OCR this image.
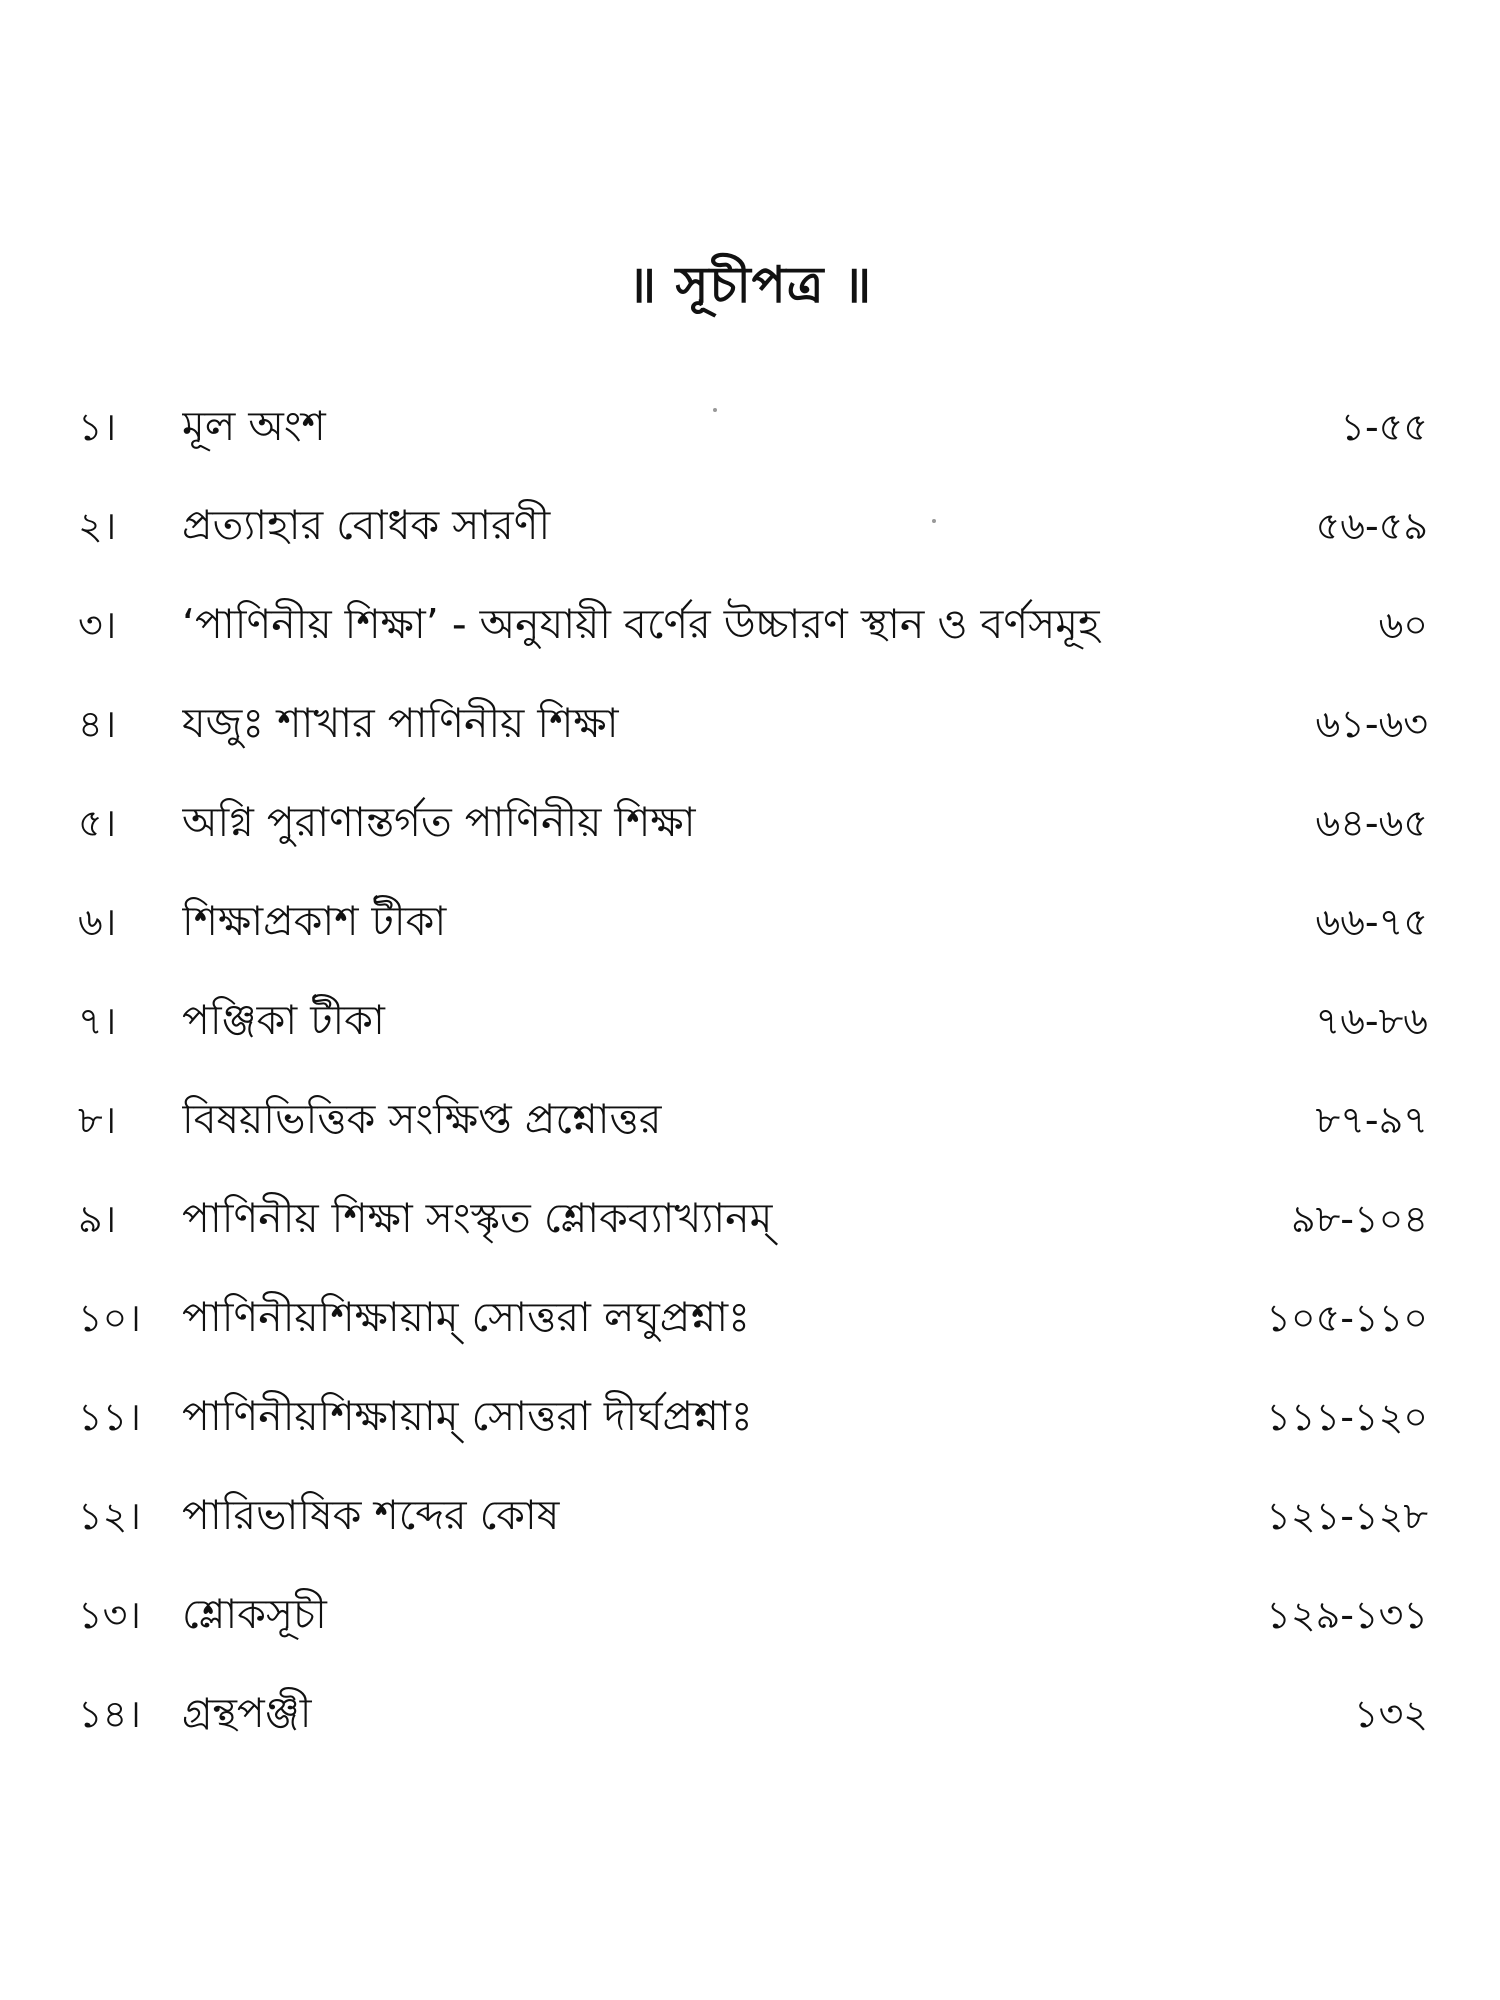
॥ সূচীপত্র ॥
১।	মূল অংশ	১-৫৫
২।	প্রত্যাহার বোধক সারণী	৫৬-৫৯
৩।	‘পাণিনীয় শিক্ষা’ - অনুযায়ী বর্ণের উচ্চারণ স্থান ও বর্ণসমূহ	৬০
৪।	যজুঃ শাখার পাণিনীয় শিক্ষা	৬১-৬৩
৫।	অগ্নি পুরাণান্তর্গত পাণিনীয় শিক্ষা	৬৪-৬৫
৬।	শিক্ষাপ্রকাশ টীকা	৬৬-৭৫
৭।	পঞ্জিকা টীকা	৭৬-৮৬
৮।	বিষয়ভিত্তিক সংক্ষিপ্ত প্রশ্নোত্তর	৮৭-৯৭
৯।	পাণিনীয় শিক্ষা সংস্কৃত শ্লোকব্যাখ্যানম্	৯৮-১০৪
১০।	পাণিনীয়শিক্ষায়াম্ সোত্তরা লঘুপ্রশ্নাঃ	১০৫-১১০
১১।	পাণিনীয়শিক্ষায়াম্ সোত্তরা দীর্ঘপ্রশ্নাঃ	১১১-১২০
১২।	পারিভাষিক শব্দের কোষ	১২১-১২৮
১৩।	শ্লোকসূচী	১২৯-১৩১
১৪।	গ্রন্থপঞ্জী	১৩২
